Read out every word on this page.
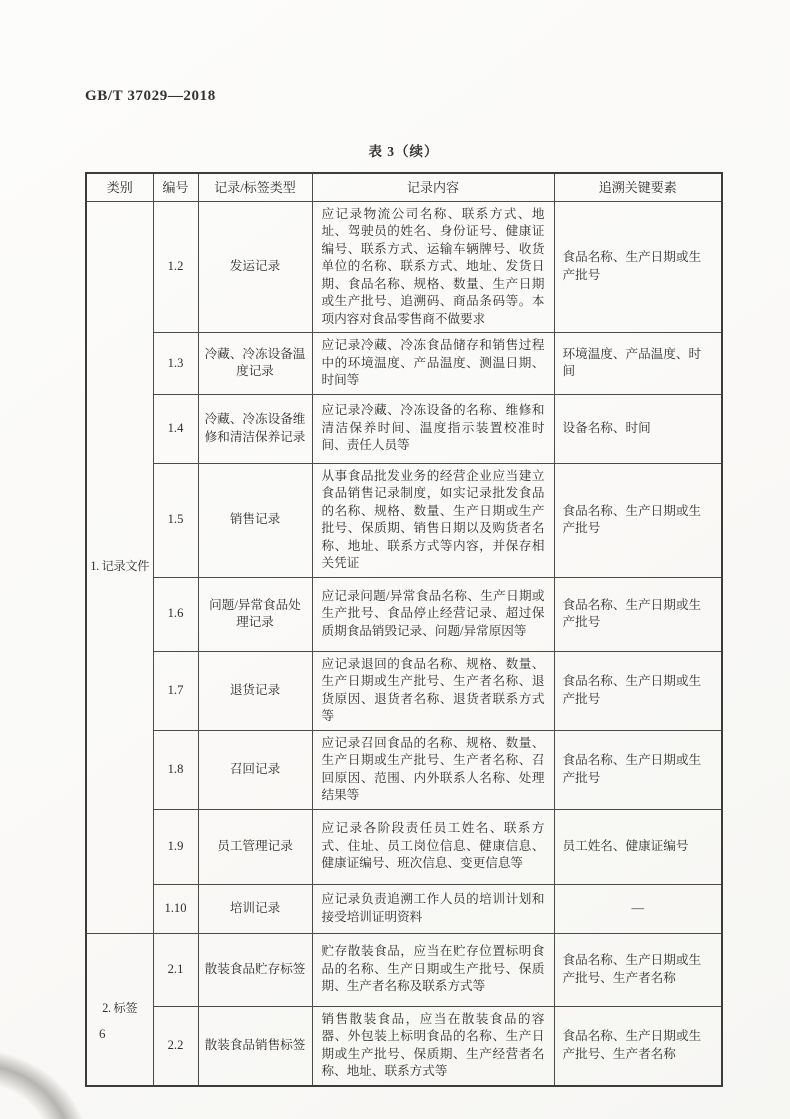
GB/T 37029—2018
表 3（续）
类别	编号	记录/标签类型	记录内容	追溯关键要素
1. 记录文件	1.2	发运记录	应记录物流公司名称、联系方式、地址、驾驶员的姓名、身份证号、健康证编号、联系方式、运输车辆牌号、收货单位的名称、联系方式、地址、发货日期、食品名称、规格、数量、生产日期或生产批号、追溯码、商品条码等。本项内容对食品零售商不做要求	食品名称、生产日期或生产批号
	1.3	冷藏、冷冻设备温度记录	应记录冷藏、冷冻食品储存和销售过程中的环境温度、产品温度、测温日期、时间等	环境温度、产品温度、时间
	1.4	冷藏、冷冻设备维修和清洁保养记录	应记录冷藏、冷冻设备的名称、维修和清洁保养时间、温度指示装置校准时间、责任人员等	设备名称、时间
	1.5	销售记录	从事食品批发业务的经营企业应当建立食品销售记录制度，如实记录批发食品的名称、规格、数量、生产日期或生产批号、保质期、销售日期以及购货者名称、地址、联系方式等内容，并保存相关凭证	食品名称、生产日期或生产批号
	1.6	问题/异常食品处理记录	应记录问题/异常食品名称、生产日期或生产批号、食品停止经营记录、超过保质期食品销毁记录、问题/异常原因等	食品名称、生产日期或生产批号
	1.7	退货记录	应记录退回的食品名称、规格、数量、生产日期或生产批号、生产者名称、退货原因、退货者名称、退货者联系方式等	食品名称、生产日期或生产批号
	1.8	召回记录	应记录召回食品的名称、规格、数量、生产日期或生产批号、生产者名称、召回原因、范围、内外联系人名称、处理结果等	食品名称、生产日期或生产批号
	1.9	员工管理记录	应记录各阶段责任员工姓名、联系方式、住址、员工岗位信息、健康信息、健康证编号、班次信息、变更信息等	员工姓名、健康证编号
	1.10	培训记录	应记录负责追溯工作人员的培训计划和接受培训证明资料	—
2. 标签	2.1	散装食品贮存标签	贮存散装食品，应当在贮存位置标明食品的名称、生产日期或生产批号、保质期、生产者名称及联系方式等	食品名称、生产日期或生产批号、生产者名称
	2.2	散装食品销售标签	销售散装食品，应当在散装食品的容器、外包装上标明食品的名称、生产日期或生产批号、保质期、生产经营者名称、地址、联系方式等	食品名称、生产日期或生产批号、生产者名称
6
